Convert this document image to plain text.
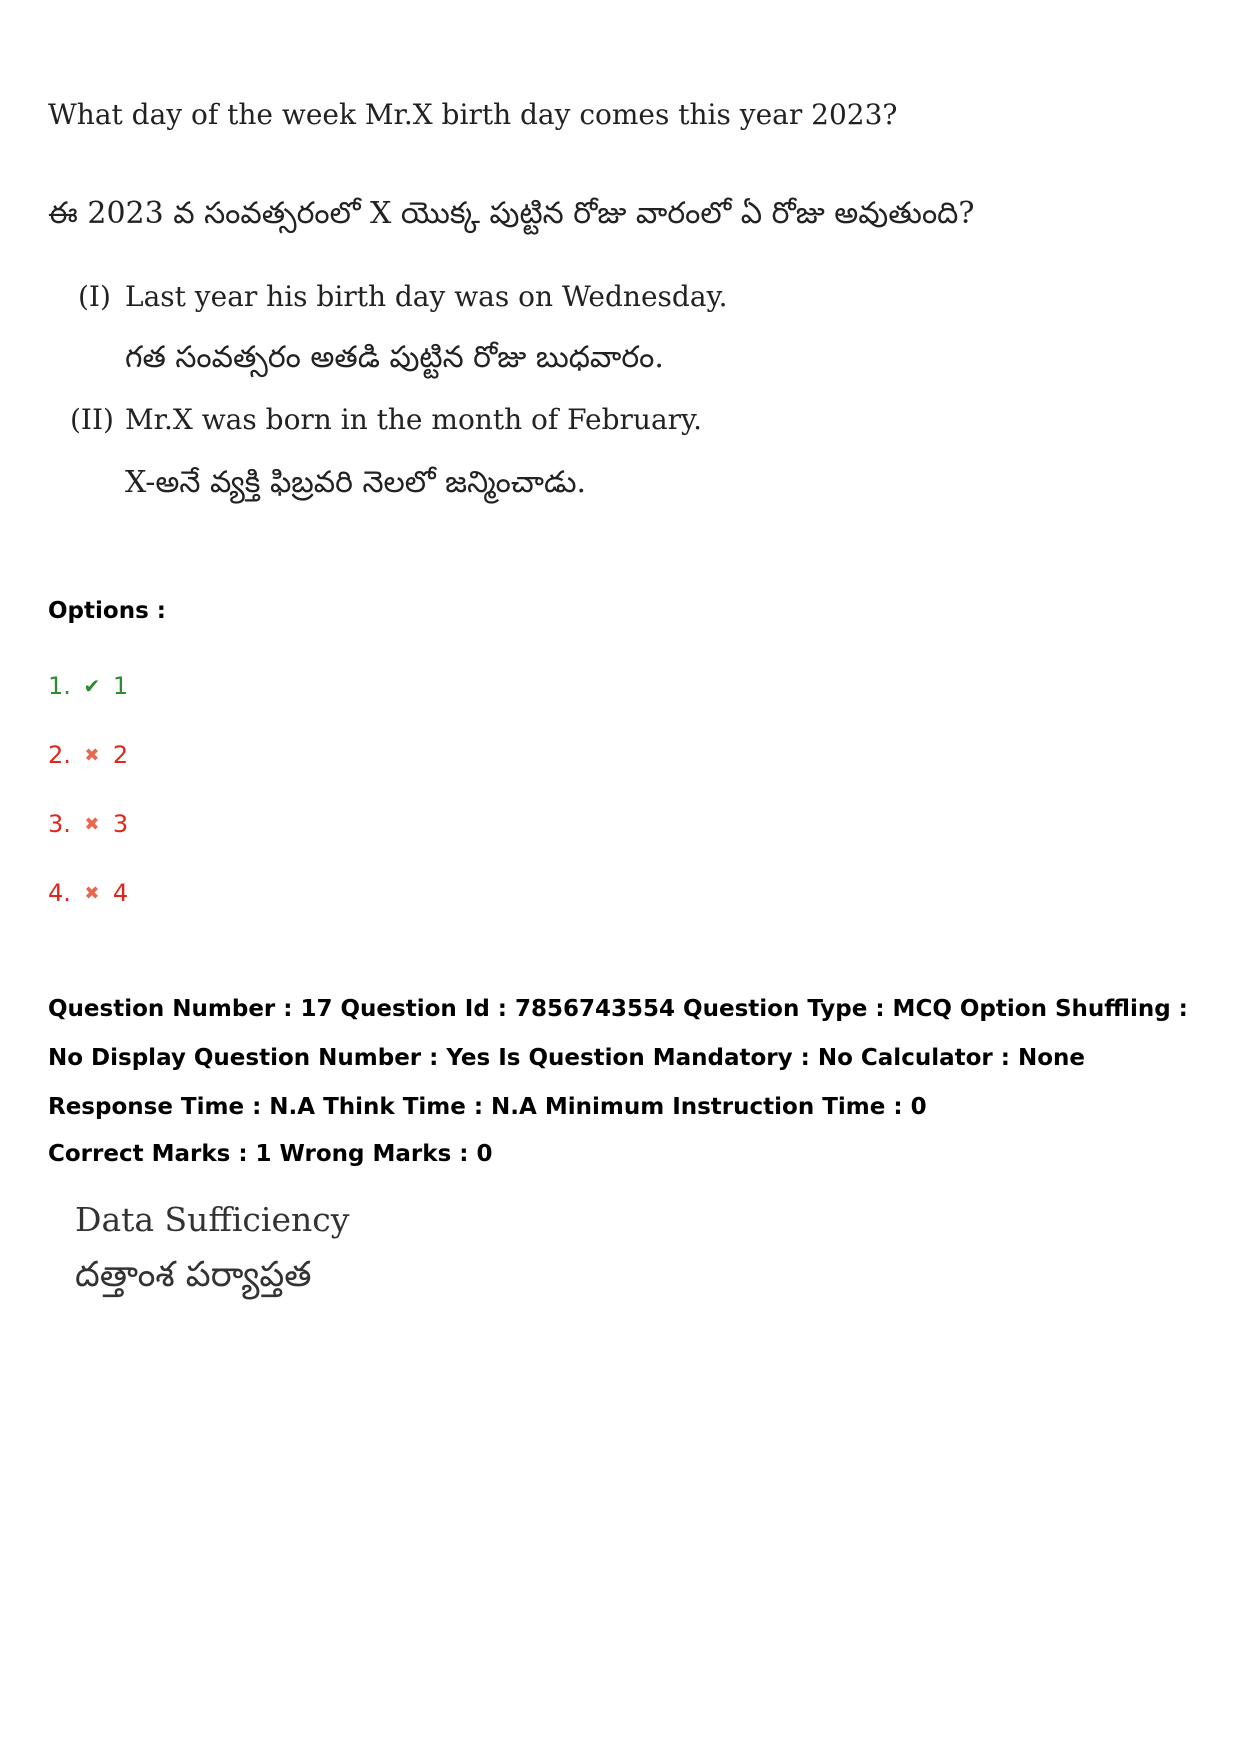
What day of the week Mr.X birth day comes this year 2023?
ఈ 2023 వ సంవత్సరంలో X యొక్క పుట్టిన రోజు వారంలో ఏ రోజు అవుతుంది?
(I) Last year his birth day was on Wednesday.
గత సంవత్సరం అతడి పుట్టిన రోజు బుధవారం.
(II) Mr.X was born in the month of February.
X-అనే వ్యక్తి ఫిబ్రవరి నెలలో జన్మించాడు.
Options :
1. ✔ 1
2. ✖ 2
3. ✖ 3
4. ✖ 4
Question Number : 17 Question Id : 7856743554 Question Type : MCQ Option Shuffling : No Display Question Number : Yes Is Question Mandatory : No Calculator : None Response Time : N.A Think Time : N.A Minimum Instruction Time : 0
Correct Marks : 1 Wrong Marks : 0
Data Sufficiency
దత్తాంశ పర్యాప్తత
